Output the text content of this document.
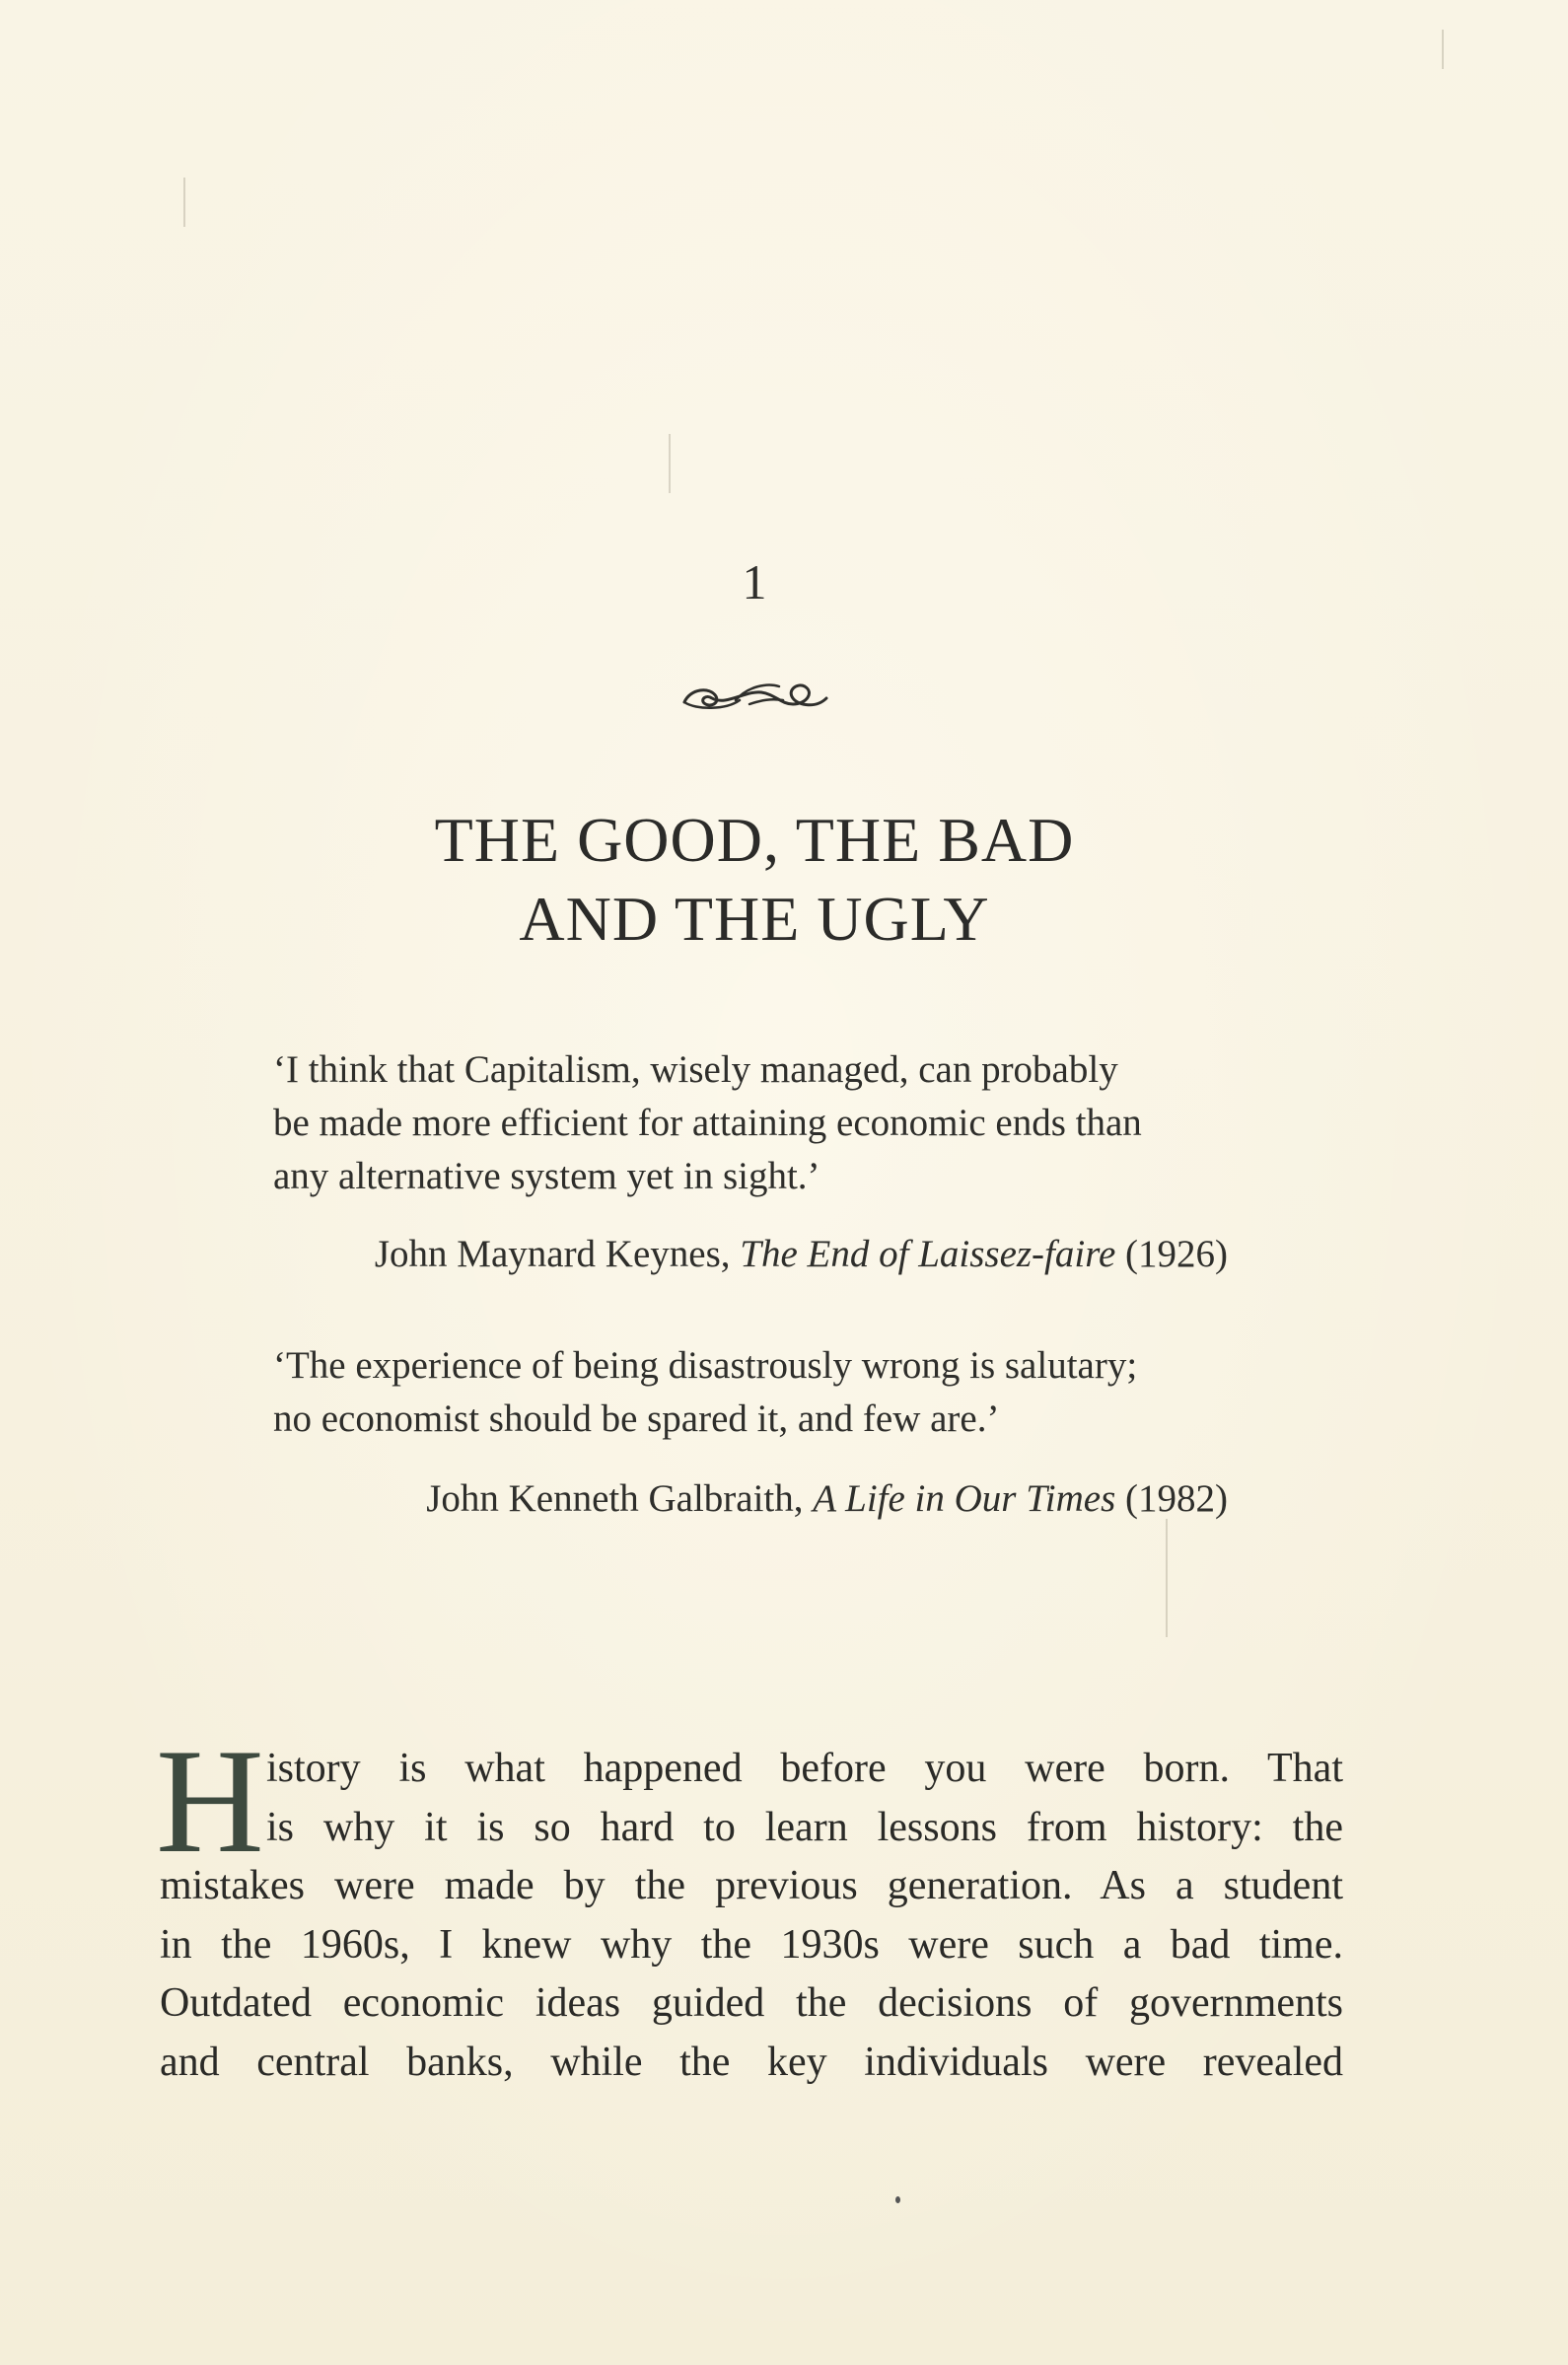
1
THE GOOD, THE BAD
AND THE UGLY
‘I think that Capitalism, wisely managed, can probably
be made more efficient for attaining economic ends than
any alternative system yet in sight.’
John Maynard Keynes, The End of Laissez-faire (1926)
‘The experience of being disastrously wrong is salutary;
no economist should be spared it, and few are.’
John Kenneth Galbraith, A Life in Our Times (1982)
H istory is what happened before you were born. That
is why it is so hard to learn lessons from history: the
mistakes were made by the previous generation. As a student
in the 1960s, I knew why the 1930s were such a bad time.
Outdated economic ideas guided the decisions of governments
and central banks, while the key individuals were revealed
